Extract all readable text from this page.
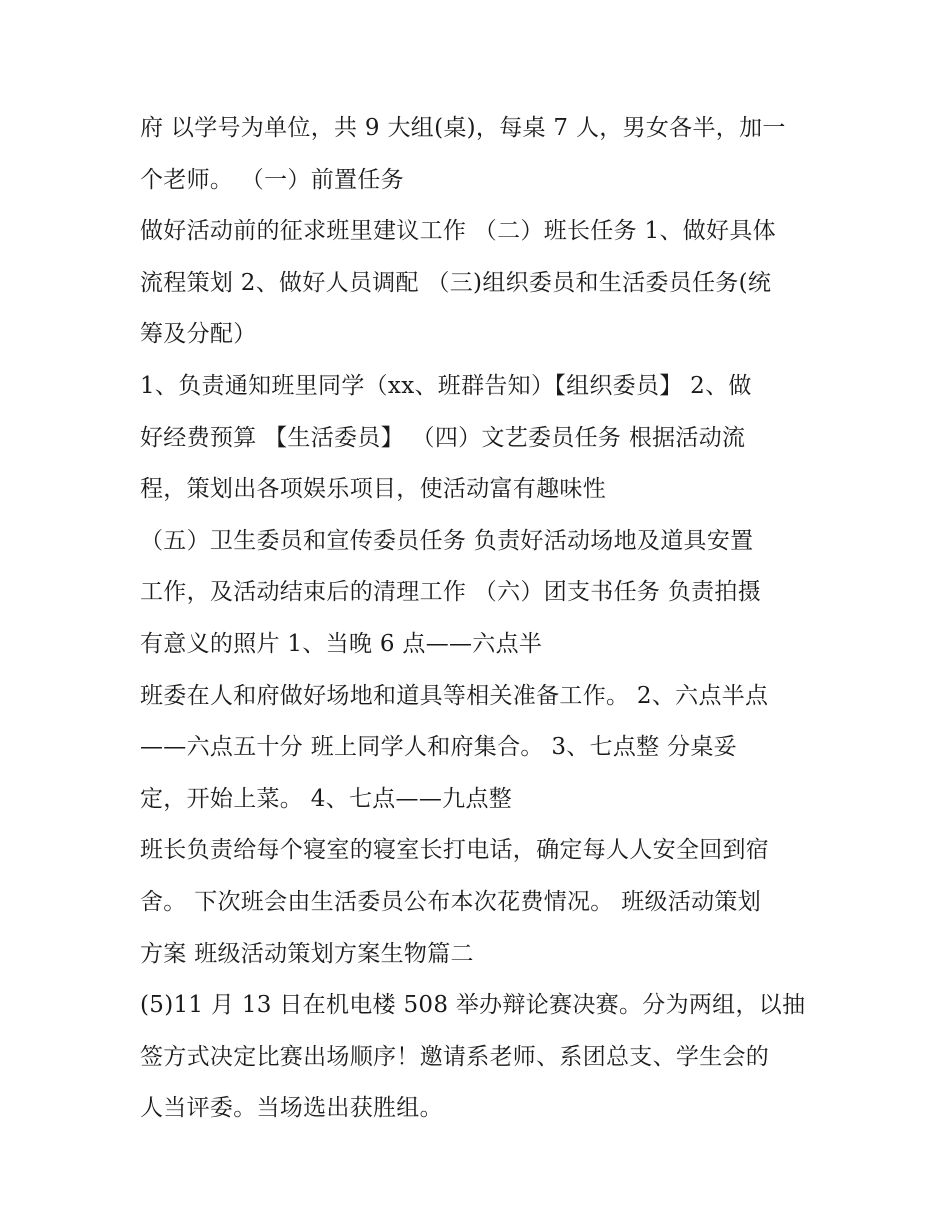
府 以学号为单位，共 9 大组(桌)，每桌 7 人，男女各半，加一
个老师。 （一）前置任务
做好活动前的征求班里建议工作 （二）班长任务 1、做好具体
流程策划 2、做好人员调配 （三)组织委员和生活委员任务(统
筹及分配）
1、负责通知班里同学（xx、班群告知）【组织委员】 2、做
好经费预算 【生活委员】 （四）文艺委员任务 根据活动流
程，策划出各项娱乐项目，使活动富有趣味性
（五）卫生委员和宣传委员任务 负责好活动场地及道具安置
工作，及活动结束后的清理工作 （六）团支书任务 负责拍摄
有意义的照片 1、当晚 6 点——六点半
班委在人和府做好场地和道具等相关准备工作。 2、六点半点
——六点五十分 班上同学人和府集合。 3、七点整 分桌妥
定，开始上菜。 4、七点——九点整
班长负责给每个寝室的寝室长打电话，确定每人人安全回到宿
舍。 下次班会由生活委员公布本次花费情况。 班级活动策划
方案 班级活动策划方案生物篇二
(5)11 月 13 日在机电楼 508 举办辩论赛决赛。分为两组，以抽
签方式决定比赛出场顺序！邀请系老师、系团总支、学生会的
人当评委。当场选出获胜组。
